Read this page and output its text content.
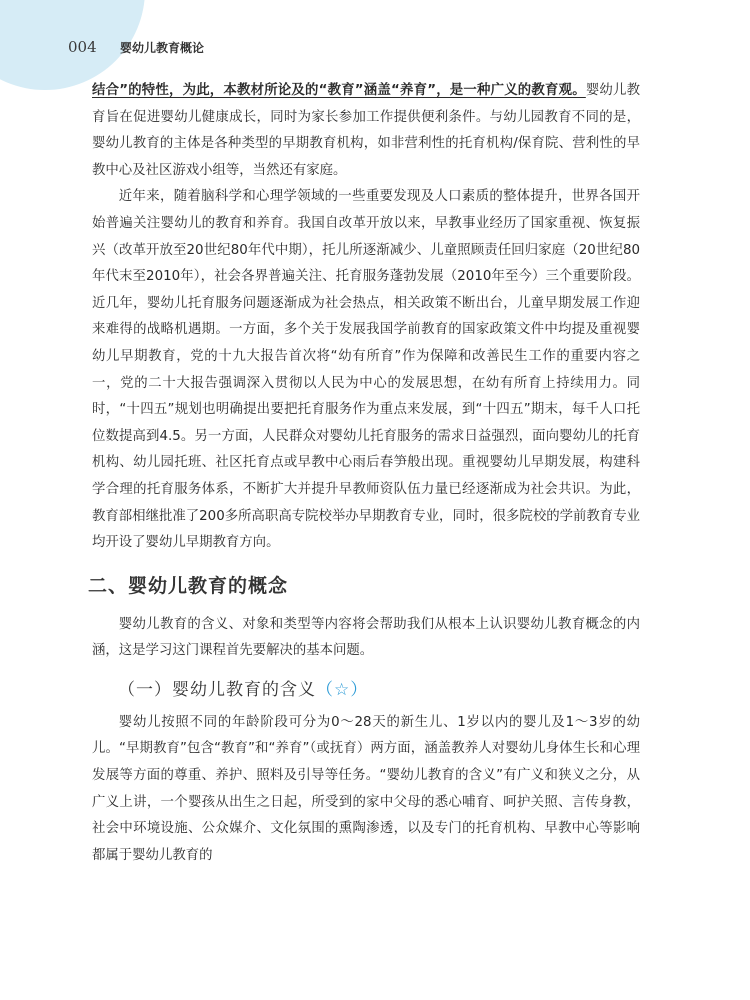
004	婴幼儿教育概论

结合”的特性，为此，本教材所论及的“教育”涵盖“养育”，是一种广义的教育观。婴幼儿教育旨在促进婴幼儿健康成长，同时为家长参加工作提供便利条件。与幼儿园教育不同的是，婴幼儿教育的主体是各种类型的早期教育机构，如非营利性的托育机构/保育院、营利性的早教中心及社区游戏小组等，当然还有家庭。

近年来，随着脑科学和心理学领域的一些重要发现及人口素质的整体提升，世界各国开始普遍关注婴幼儿的教育和养育。我国自改革开放以来，早教事业经历了国家重视、恢复振兴（改革开放至20世纪80年代中期），托儿所逐渐减少、儿童照顾责任回归家庭（20世纪80年代末至2010年），社会各界普遍关注、托育服务蓬勃发展（2010年至今）三个重要阶段。近几年，婴幼儿托育服务问题逐渐成为社会热点，相关政策不断出台，儿童早期发展工作迎来难得的战略机遇期。一方面，多个关于发展我国学前教育的国家政策文件中均提及重视婴幼儿早期教育，党的十九大报告首次将“幼有所育”作为保障和改善民生工作的重要内容之一，党的二十大报告强调深入贯彻以人民为中心的发展思想，在幼有所育上持续用力。同时，“十四五”规划也明确提出要把托育服务作为重点来发展，到“十四五”期末，每千人口托位数提高到4.5。另一方面，人民群众对婴幼儿托育服务的需求日益强烈，面向婴幼儿的托育机构、幼儿园托班、社区托育点或早教中心雨后春笋般出现。重视婴幼儿早期发展，构建科学合理的托育服务体系，不断扩大并提升早教师资队伍力量已经逐渐成为社会共识。为此，教育部相继批准了200多所高职高专院校举办早期教育专业，同时，很多院校的学前教育专业均开设了婴幼儿早期教育方向。

二、婴幼儿教育的概念

婴幼儿教育的含义、对象和类型等内容将会帮助我们从根本上认识婴幼儿教育概念的内涵，这是学习这门课程首先要解决的基本问题。

（一）婴幼儿教育的含义（☆）

婴幼儿按照不同的年龄阶段可分为0～28天的新生儿、1岁以内的婴儿及1～3岁的幼儿。“早期教育”包含“教育”和“养育”（或抚育）两方面，涵盖教养人对婴幼儿身体生长和心理发展等方面的尊重、养护、照料及引导等任务。“婴幼儿教育的含义”有广义和狭义之分，从广义上讲，一个婴孩从出生之日起，所受到的家中父母的悉心哺育、呵护关照、言传身教，社会中环境设施、公众媒介、文化氛围的熏陶渗透，以及专门的托育机构、早教中心等影响都属于婴幼儿教育的
